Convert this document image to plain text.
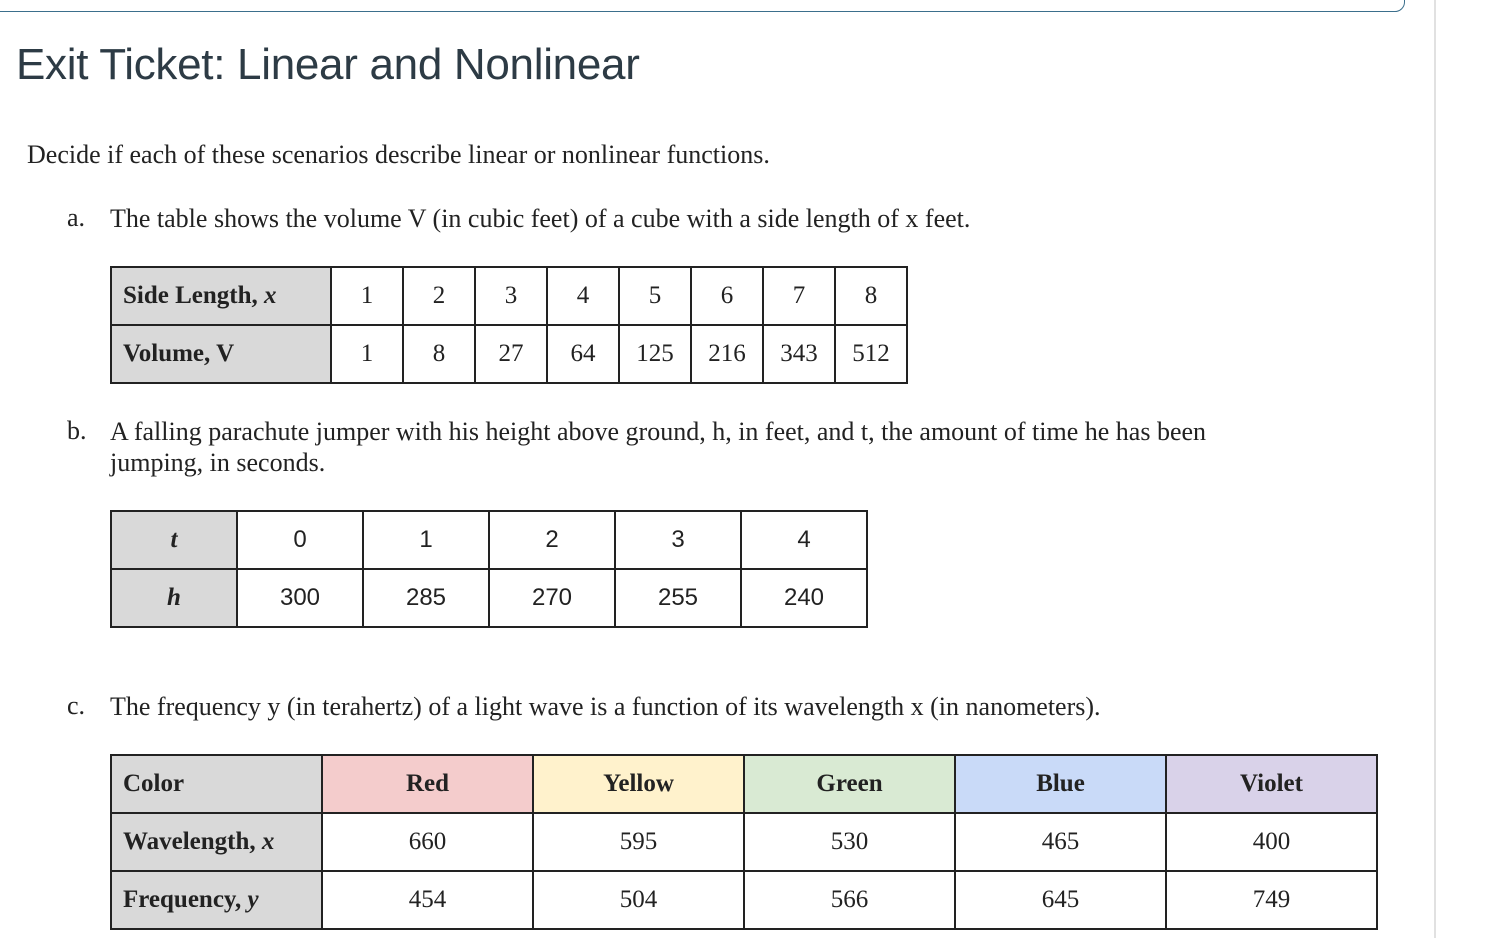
Exit Ticket: Linear and Nonlinear

Decide if each of these scenarios describe linear or nonlinear functions.

a. The table shows the volume V (in cubic feet) of a cube with a side length of x feet.
Side Length, x	1	2	3	4	5	6	7	8
Volume, V	1	8	27	64	125	216	343	512
b. A falling parachute jumper with his height above ground, h, in feet, and t, the amount of time he has been
jumping, in seconds.
t	0	1	2	3	4
h	300	285	270	255	240
c. The frequency y (in terahertz) of a light wave is a function of its wavelength x (in nanometers).
Color	Red	Yellow	Green	Blue	Violet
Wavelength, x	660	595	530	465	400
Frequency, y	454	504	566	645	749
